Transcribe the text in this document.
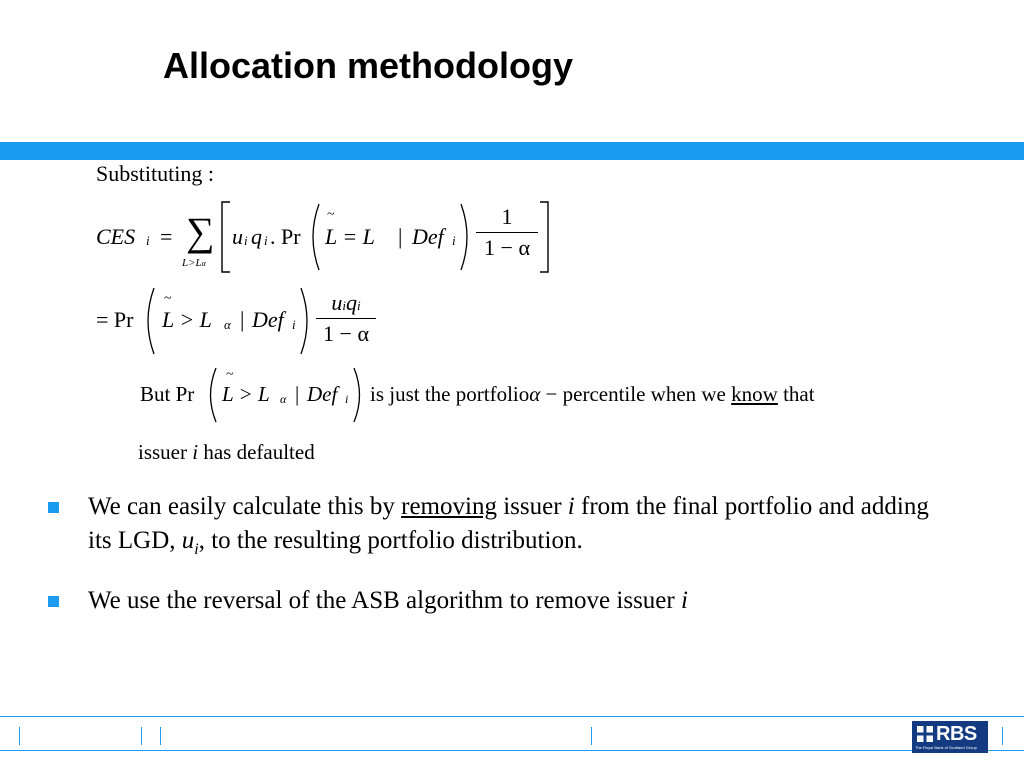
Allocation methodology
Substituting :
CES $_i$ = ∑
L>Lα
u i q i . Pr
~
L = L | Def i
1
1 − α
= Pr
~
L > L α | Def i
uiqi
1 − α
But Pr
~
L > L α | Def i is just the portfolioα − percentile when we know that
issuer i has defaulted
We can easily calculate this by removing issuer i from the final portfolio and adding its LGD, $u_i$, to the resulting portfolio distribution.
We use the reversal of the ASB algorithm to remove issuer i
RBS
The Royal Bank of Scotland Group
